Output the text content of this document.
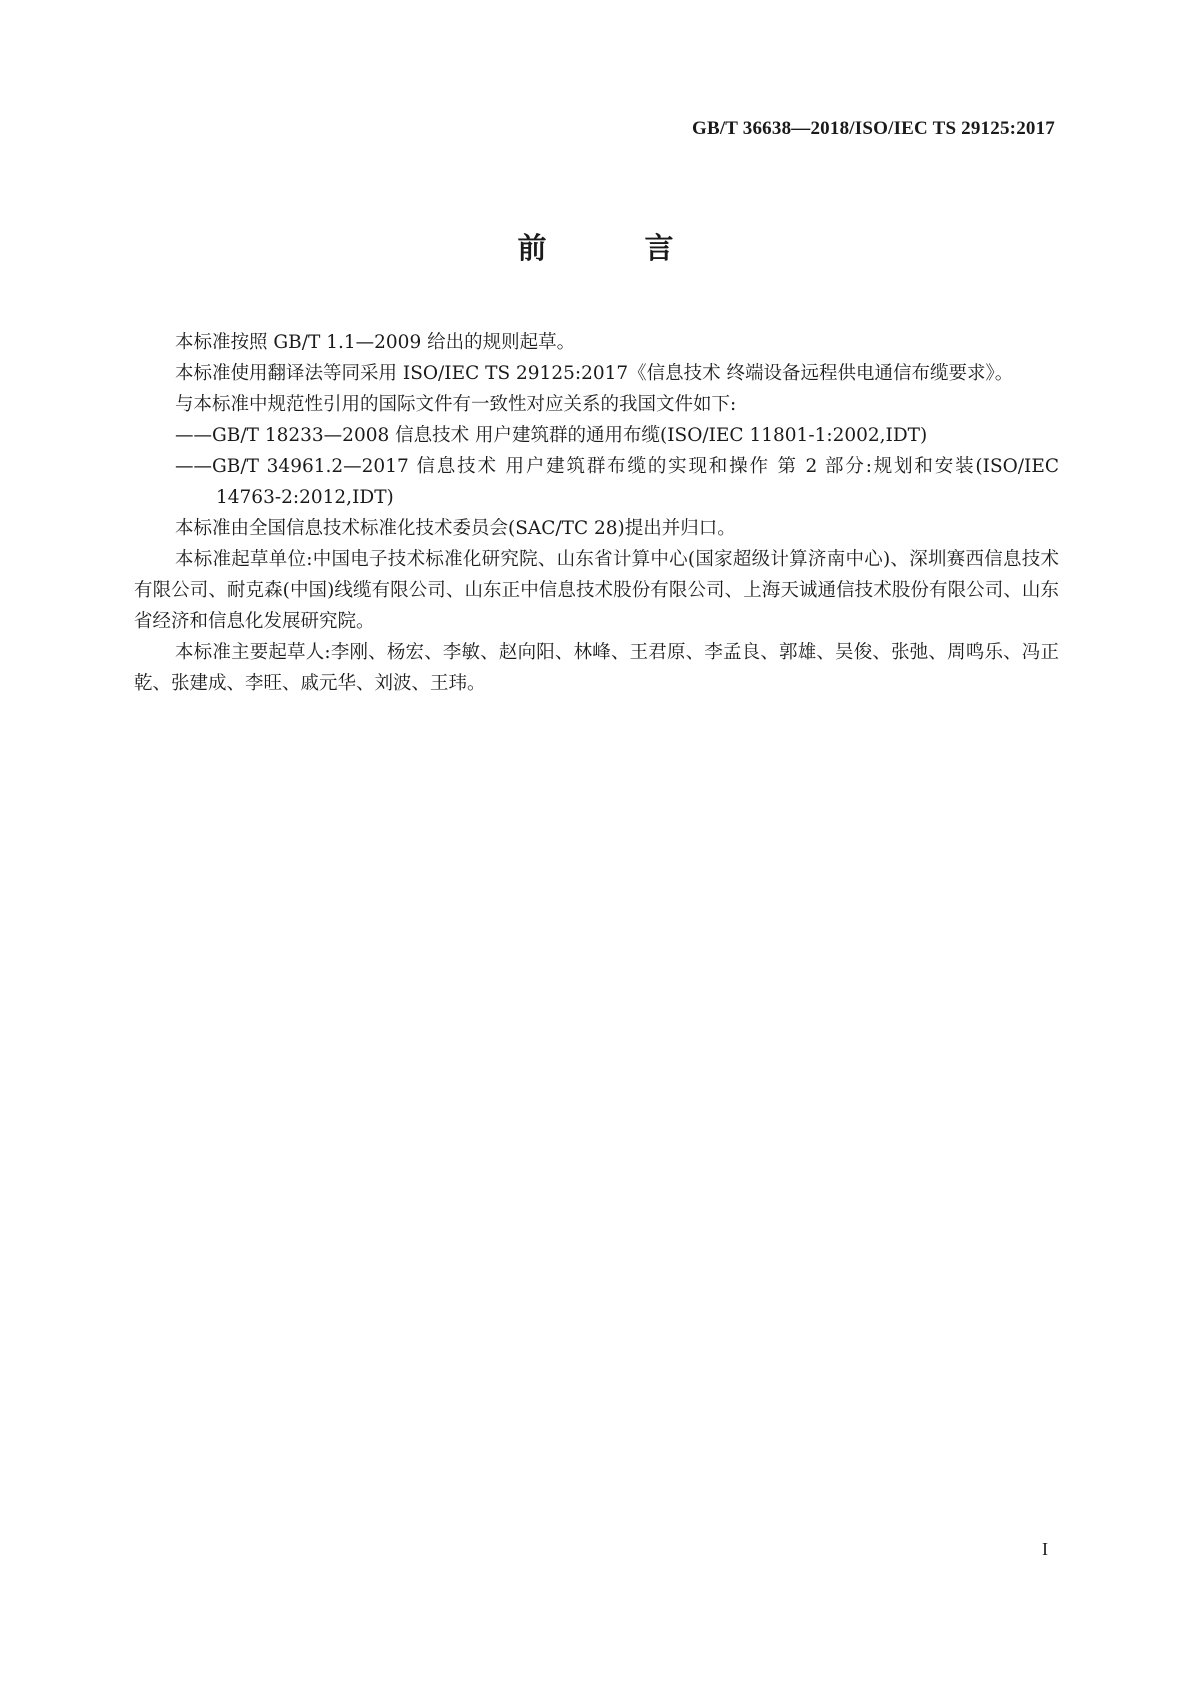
GB/T 36638—2018/ISO/IEC TS 29125:2017
前 言

本标准按照 GB/T 1.1—2009 给出的规则起草。

本标准使用翻译法等同采用 ISO/IEC TS 29125:2017《信息技术 终端设备远程供电通信布缆要求》。

与本标准中规范性引用的国际文件有一致性对应关系的我国文件如下:

——GB/T 18233—2008 信息技术 用户建筑群的通用布缆(ISO/IEC 11801-1:2002,IDT)

——GB/T 34961.2—2017 信息技术 用户建筑群布缆的实现和操作 第 2 部分:规划和安装(ISO/IEC 14763-2:2012,IDT)

本标准由全国信息技术标准化技术委员会(SAC/TC 28)提出并归口。

本标准起草单位:中国电子技术标准化研究院、山东省计算中心(国家超级计算济南中心)、深圳赛西信息技术有限公司、耐克森(中国)线缆有限公司、山东正中信息技术股份有限公司、上海天诚通信技术股份有限公司、山东省经济和信息化发展研究院。

本标准主要起草人:李刚、杨宏、李敏、赵向阳、林峰、王君原、李孟良、郭雄、吴俊、张弛、周鸣乐、冯正乾、张建成、李旺、戚元华、刘波、王玮。

I
